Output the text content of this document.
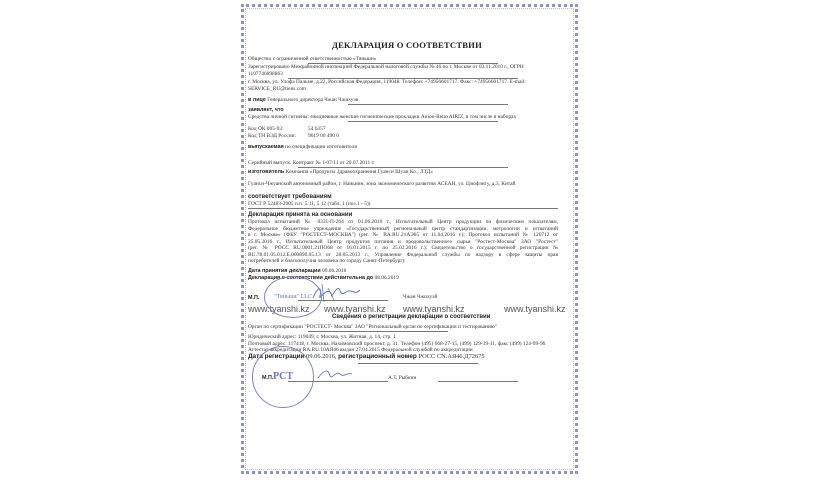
ДЕКЛАРАЦИЯ О СООТВЕТСТВИИ
Общество с ограниченной ответственностью «Тяньши»
Зарегистрировано Межрайонной инспекцией Федеральной налоговой службы № 46 по г. Москве от 03.11.2010 г., ОГРН
1107746898863
г. Москва, ул. Улофа Пальме, д.22, Российская Федерация, 119048. Телефон: +74956601717. Факс: +74956601717. E-mail:
SERVICE_RU@tiens.com
в лице Генерального директора Чжан Чжихуэя
заявляет, что
Средства личной гигиены: ежедневные женские гигиенические прокладки Anion-RelaxAIRIZ, в том числе в наборах
Код ОК 005-93:	54 6357
Код ТН ВЭД России: 9619 00 490 0
выпускаемая по спецификации изготовителя
Серийный выпуск. Контракт № 1-07/11 от 20.07.2011 г.
изготовитель Компания «Продукты Здравоохранения Гуанси Шуан Ко., ЛТД»
Гуанси-Чжуанский автономный район, г. Наньнин, зона экономического развития АСЕАН, ул. Цзюфэнгу, д.3, Китай
соответствует требованиям
ГОСТ Р 52483-2005 п.п. 5.11, 5.12 (табл. 1 (поз.1 - 5))
Декларация принята на основании
Протокол испытаний № 0331-П-264 от 01.06.2016 г., Испытательный Центр продукции по физическим показателям,
Федеральное бюджетное учреждение «Государственный региональный центр стандартизации, метрологии и испытаний
в г. Москве» (ФБУ "РОСТЕСТ-МОСКВА") (рег. № RA.RU.21АЭ65 от 11.04.2016 г.); Протокол испытаний № 120712 от
25.05.2016 г., Испытательный Центр продуктов питания и продовольственного сырья "Ростест-Москва" ЗАО "Ростест"
(рег. № РОСС RU.0001.21ПО68 от 16.01.2015 г. по 25.03.2016 г.); Свидетельство о государственной регистрации №
RU.78.01.05.012.Е.000890.05.13 от 28.05.2013 г., Управление Федеральной службы по надзору в сфере защиты прав
потребителей и благополучия человека по городу Санкт-Петербургу
Дата принятия декларации 09.06.2016
Декларация о соответствии действительна до 08.06.2019
М.П.	Чжан Чжихуэй
www.tyanshi.kz www.tyanshi.kz www.tyanshi.kz	www.tyanshi.kz
"Тяньши" LLC
Сведения о регистрации декларации о соответствии
Орган по сертификации "РОСТЕСТ- Москва" ЗАО "Региональный орган по сертификации и тестированию"
Юридический адрес: 119049, г. Москва, ул. Житная, д. 14, стр. 1
Почтовый адрес: 117418, г. Москва, Нахимовский проспект, д. 31. Телефон (495) 668-27-15, (499) 129-19-11, факс (499) 124-99-96
Аттестат аккредитации RA.RU.10АЯ46 выдан 27.04.2015 Федеральной службой по аккредитации
Дата регистрации 09.06.2016, регистрационный номер РОСС CN.АЯ46.Д72675
РСТ
М.П.	А.Т. Рыбкин
